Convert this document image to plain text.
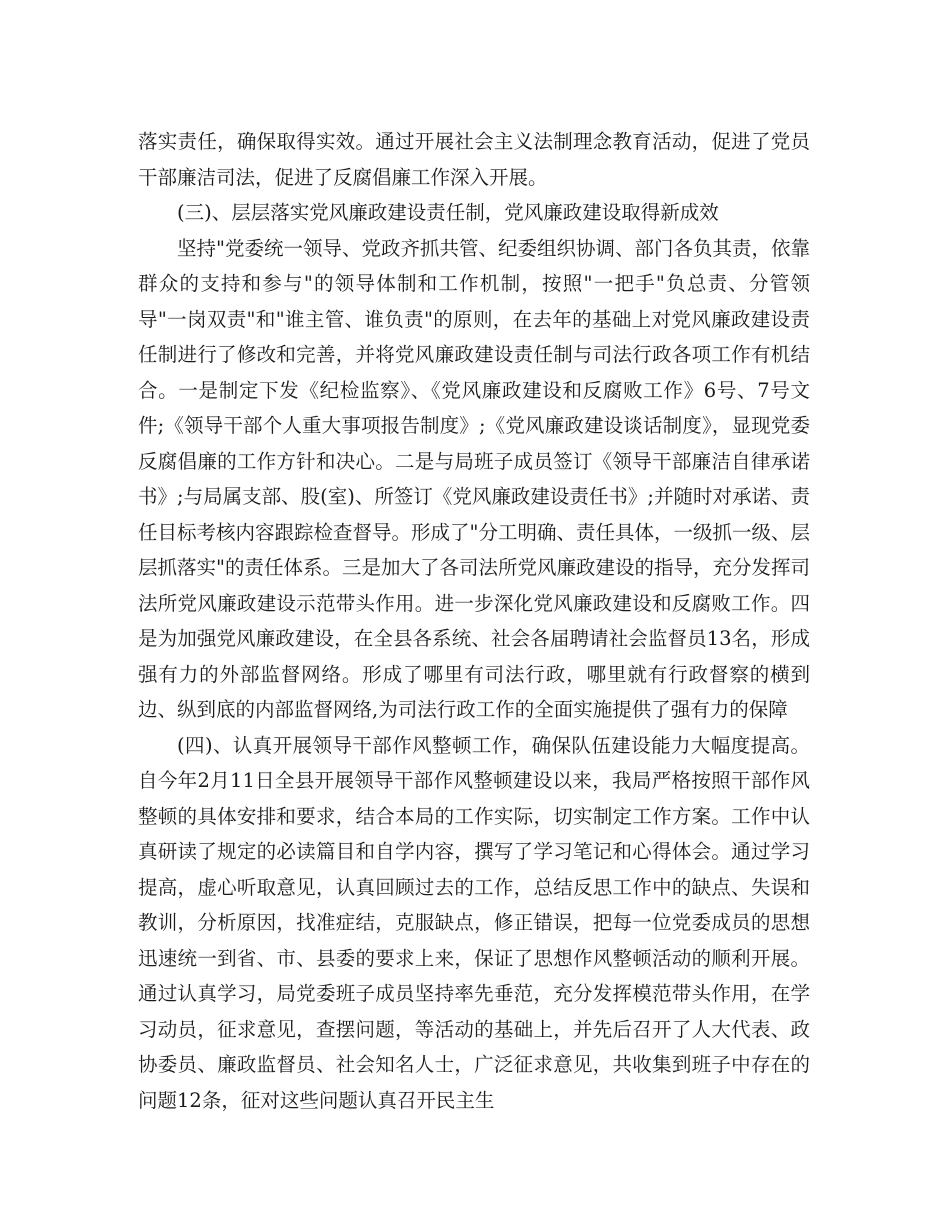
落实责任，确保取得实效。通过开展社会主义法制理念教育活动，促进了党员干部廉洁司法，促进了反腐倡廉工作深入开展。

(三)、层层落实党风廉政建设责任制，党风廉政建设取得新成效

坚持"党委统一领导、党政齐抓共管、纪委组织协调、部门各负其责，依靠群众的支持和参与"的领导体制和工作机制，按照"一把手"负总责、分管领导"一岗双责"和"谁主管、谁负责"的原则，在去年的基础上对党风廉政建设责任制进行了修改和完善，并将党风廉政建设责任制与司法行政各项工作有机结合。一是制定下发《纪检监察》、《党风廉政建设和反腐败工作》6号、7号文件;《领导干部个人重大事项报告制度》;《党风廉政建设谈话制度》，显现党委反腐倡廉的工作方针和决心。二是与局班子成员签订《领导干部廉洁自律承诺书》;与局属支部、股(室)、所签订《党风廉政建设责任书》;并随时对承诺、责任目标考核内容跟踪检查督导。形成了"分工明确、责任具体，一级抓一级、层层抓落实"的责任体系。三是加大了各司法所党风廉政建设的指导，充分发挥司法所党风廉政建设示范带头作用。进一步深化党风廉政建设和反腐败工作。四是为加强党风廉政建设，在全县各系统、社会各届聘请社会监督员13名，形成强有力的外部监督网络。形成了哪里有司法行政，哪里就有行政督察的横到边、纵到底的内部监督网络,为司法行政工作的全面实施提供了强有力的保障

(四)、认真开展领导干部作风整顿工作，确保队伍建设能力大幅度提高。自今年2月11日全县开展领导干部作风整顿建设以来，我局严格按照干部作风整顿的具体安排和要求，结合本局的工作实际，切实制定工作方案。工作中认真研读了规定的必读篇目和自学内容，撰写了学习笔记和心得体会。通过学习提高，虚心听取意见，认真回顾过去的工作，总结反思工作中的缺点、失误和教训，分析原因，找准症结，克服缺点，修正错误，把每一位党委成员的思想迅速统一到省、市、县委的要求上来，保证了思想作风整顿活动的顺利开展。通过认真学习，局党委班子成员坚持率先垂范，充分发挥模范带头作用，在学习动员，征求意见，查摆问题，等活动的基础上，并先后召开了人大代表、政协委员、廉政监督员、社会知名人士，广泛征求意见，共收集到班子中存在的问题12条，征对这些问题认真召开民主生
